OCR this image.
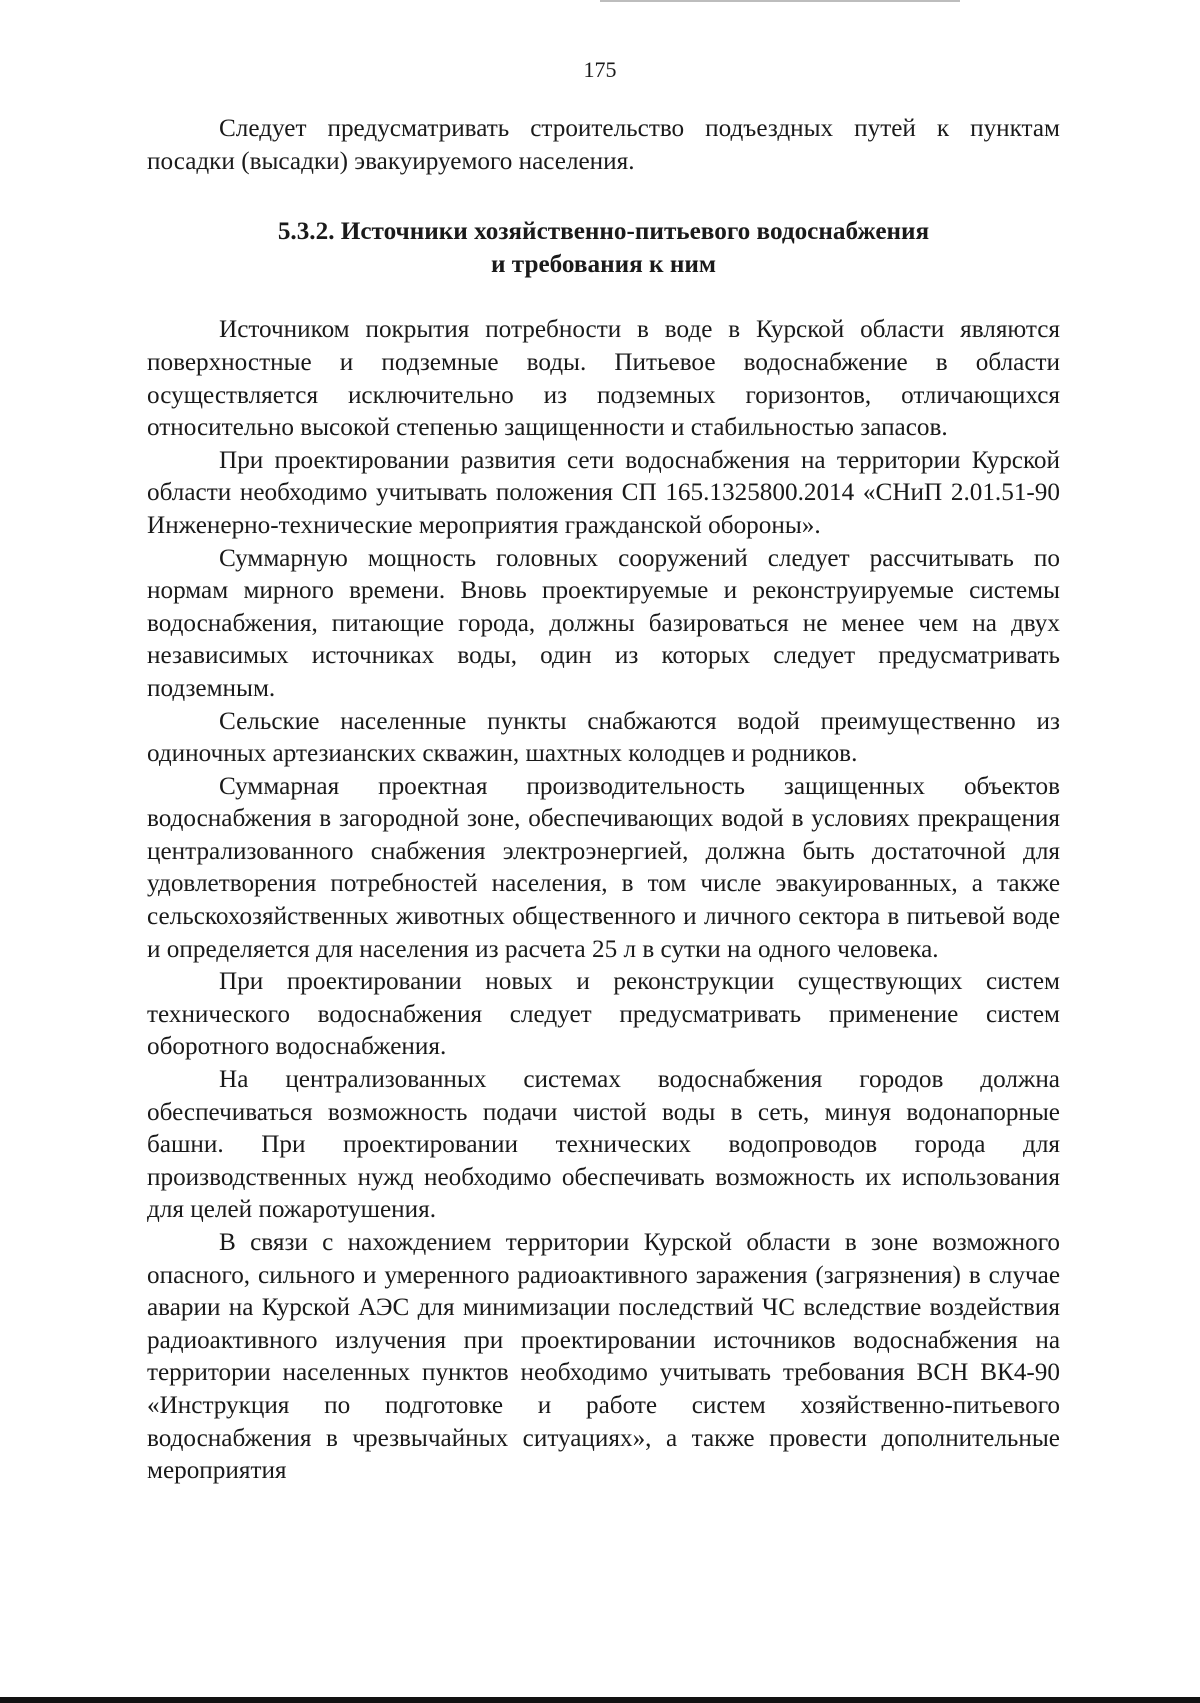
175

Следует предусматривать строительство подъездных путей к пунктам посадки (высадки) эвакуируемого населения.

5.3.2. Источники хозяйственно-питьевого водоснабжения
и требования к ним

Источником покрытия потребности в воде в Курской области являются поверхностные и подземные воды. Питьевое водоснабжение в области осуществляется исключительно из подземных горизонтов, отличающихся относительно высокой степенью защищенности и стабильностью запасов.

При проектировании развития сети водоснабжения на территории Курской области необходимо учитывать положения СП 165.1325800.2014 «СНиП 2.01.51-90 Инженерно-технические мероприятия гражданской обороны».

Суммарную мощность головных сооружений следует рассчитывать по нормам мирного времени. Вновь проектируемые и реконструируемые системы водоснабжения, питающие города, должны базироваться не менее чем на двух независимых источниках воды, один из которых следует предусматривать подземным.

Сельские населенные пункты снабжаются водой преимущественно из одиночных артезианских скважин, шахтных колодцев и родников.

Суммарная проектная производительность защищенных объектов водоснабжения в загородной зоне, обеспечивающих водой в условиях прекращения централизованного снабжения электроэнергией, должна быть достаточной для удовлетворения потребностей населения, в том числе эвакуированных, а также сельскохозяйственных животных общественного и личного сектора в питьевой воде и определяется для населения из расчета 25 л в сутки на одного человека.

При проектировании новых и реконструкции существующих систем технического водоснабжения следует предусматривать применение систем оборотного водоснабжения.

На централизованных системах водоснабжения городов должна обеспечиваться возможность подачи чистой воды в сеть, минуя водонапорные башни. При проектировании технических водопроводов города для производственных нужд необходимо обеспечивать возможность их использования для целей пожаротушения.

В связи с нахождением территории Курской области в зоне возможного опасного, сильного и умеренного радиоактивного заражения (загрязнения) в случае аварии на Курской АЭС для минимизации последствий ЧС вследствие воздействия радиоактивного излучения при проектировании источников водоснабжения на территории населенных пунктов необходимо учитывать требования ВСН ВК4-90 «Инструкция по подготовке и работе систем хозяйственно-питьевого водоснабжения в чрезвычайных ситуациях», а также провести дополнительные мероприятия
